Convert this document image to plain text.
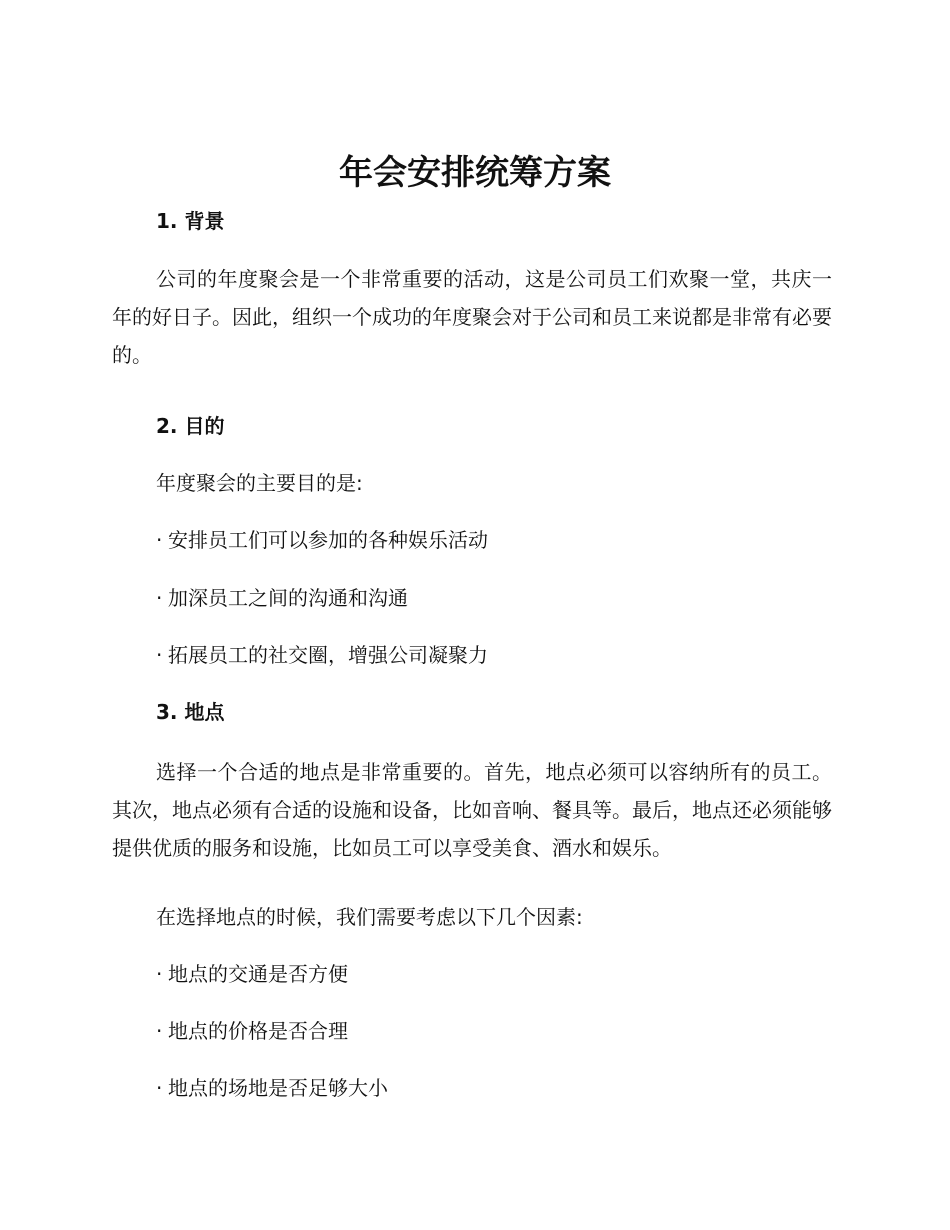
年会安排统筹方案
1. 背景

公司的年度聚会是一个非常重要的活动，这是公司员工们欢聚一堂，共庆一年的好日子。因此，组织一个成功的年度聚会对于公司和员工来说都是非常有必要的。

2. 目的

年度聚会的主要目的是:

· 安排员工们可以参加的各种娱乐活动

· 加深员工之间的沟通和沟通

· 拓展员工的社交圈，增强公司凝聚力

3. 地点

选择一个合适的地点是非常重要的。首先，地点必须可以容纳所有的员工。其次，地点必须有合适的设施和设备，比如音响、餐具等。最后，地点还必须能够提供优质的服务和设施，比如员工可以享受美食、酒水和娱乐。

在选择地点的时候，我们需要考虑以下几个因素:

· 地点的交通是否方便

· 地点的价格是否合理

· 地点的场地是否足够大小
